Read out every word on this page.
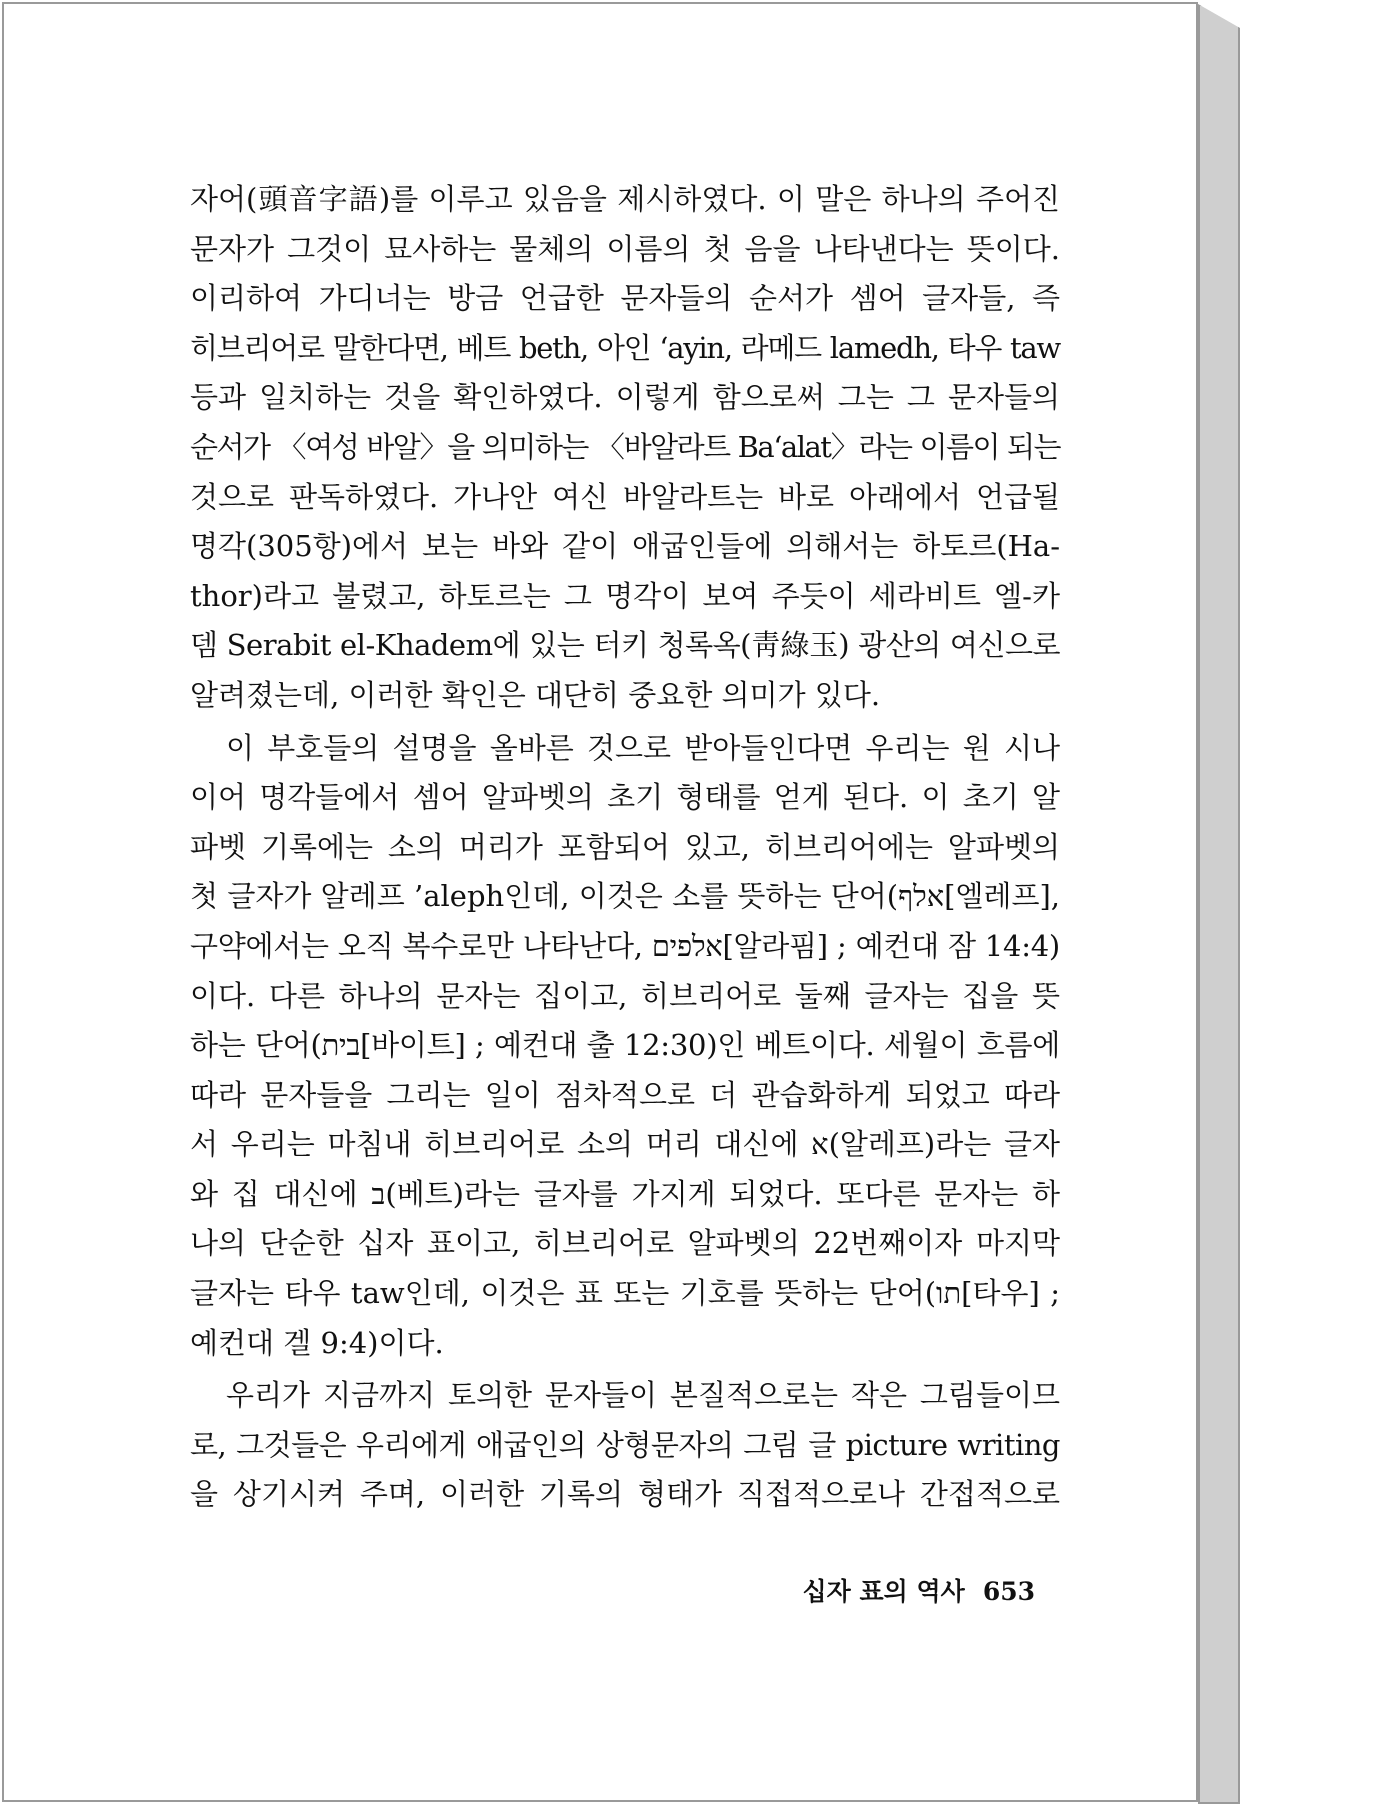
자어(頭音字語)를 이루고 있음을 제시하였다. 이 말은 하나의 주어진
문자가 그것이 묘사하는 물체의 이름의 첫 음을 나타낸다는 뜻이다.
이리하여 가디너는 방금 언급한 문자들의 순서가 셈어 글자들, 즉
히브리어로 말한다면, 베트 beth, 아인 ‘ayin, 라메드 lamedh, 타우 taw
등과 일치하는 것을 확인하였다. 이렇게 함으로써 그는 그 문자들의
순서가 〈여성 바알〉을 의미하는 〈바알라트 Ba‘alat〉라는 이름이 되는
것으로 판독하였다. 가나안 여신 바알라트는 바로 아래에서 언급될
명각(305항)에서 보는 바와 같이 애굽인들에 의해서는 하토르(Ha-
thor)라고 불렸고, 하토르는 그 명각이 보여 주듯이 세라비트 엘-카
뎀 Serabit el-Khadem에 있는 터키 청록옥(靑綠玉) 광산의 여신으로
알려졌는데, 이러한 확인은 대단히 중요한 의미가 있다.
이 부호들의 설명을 올바른 것으로 받아들인다면 우리는 원 시나
이어 명각들에서 셈어 알파벳의 초기 형태를 얻게 된다. 이 초기 알
파벳 기록에는 소의 머리가 포함되어 있고, 히브리어에는 알파벳의
첫 글자가 알레프 ’aleph인데, 이것은 소를 뜻하는 단어(אלף[엘레프],
구약에서는 오직 복수로만 나타난다, אלפים[알라핌] ; 예컨대 잠 14:4)
이다. 다른 하나의 문자는 집이고, 히브리어로 둘째 글자는 집을 뜻
하는 단어(בית[바이트] ; 예컨대 출 12:30)인 베트이다. 세월이 흐름에
따라 문자들을 그리는 일이 점차적으로 더 관습화하게 되었고 따라
서 우리는 마침내 히브리어로 소의 머리 대신에 א(알레프)라는 글자
와 집 대신에 ב(베트)라는 글자를 가지게 되었다. 또다른 문자는 하
나의 단순한 십자 표이고, 히브리어로 알파벳의 22번째이자 마지막
글자는 타우 taw인데, 이것은 표 또는 기호를 뜻하는 단어(תו[타우] ;
예컨대 겔 9:4)이다.
우리가 지금까지 토의한 문자들이 본질적으로는 작은 그림들이므
로, 그것들은 우리에게 애굽인의 상형문자의 그림 글 picture writing
을 상기시켜 주며, 이러한 기록의 형태가 직접적으로나 간접적으로
십자 표의 역사 653
